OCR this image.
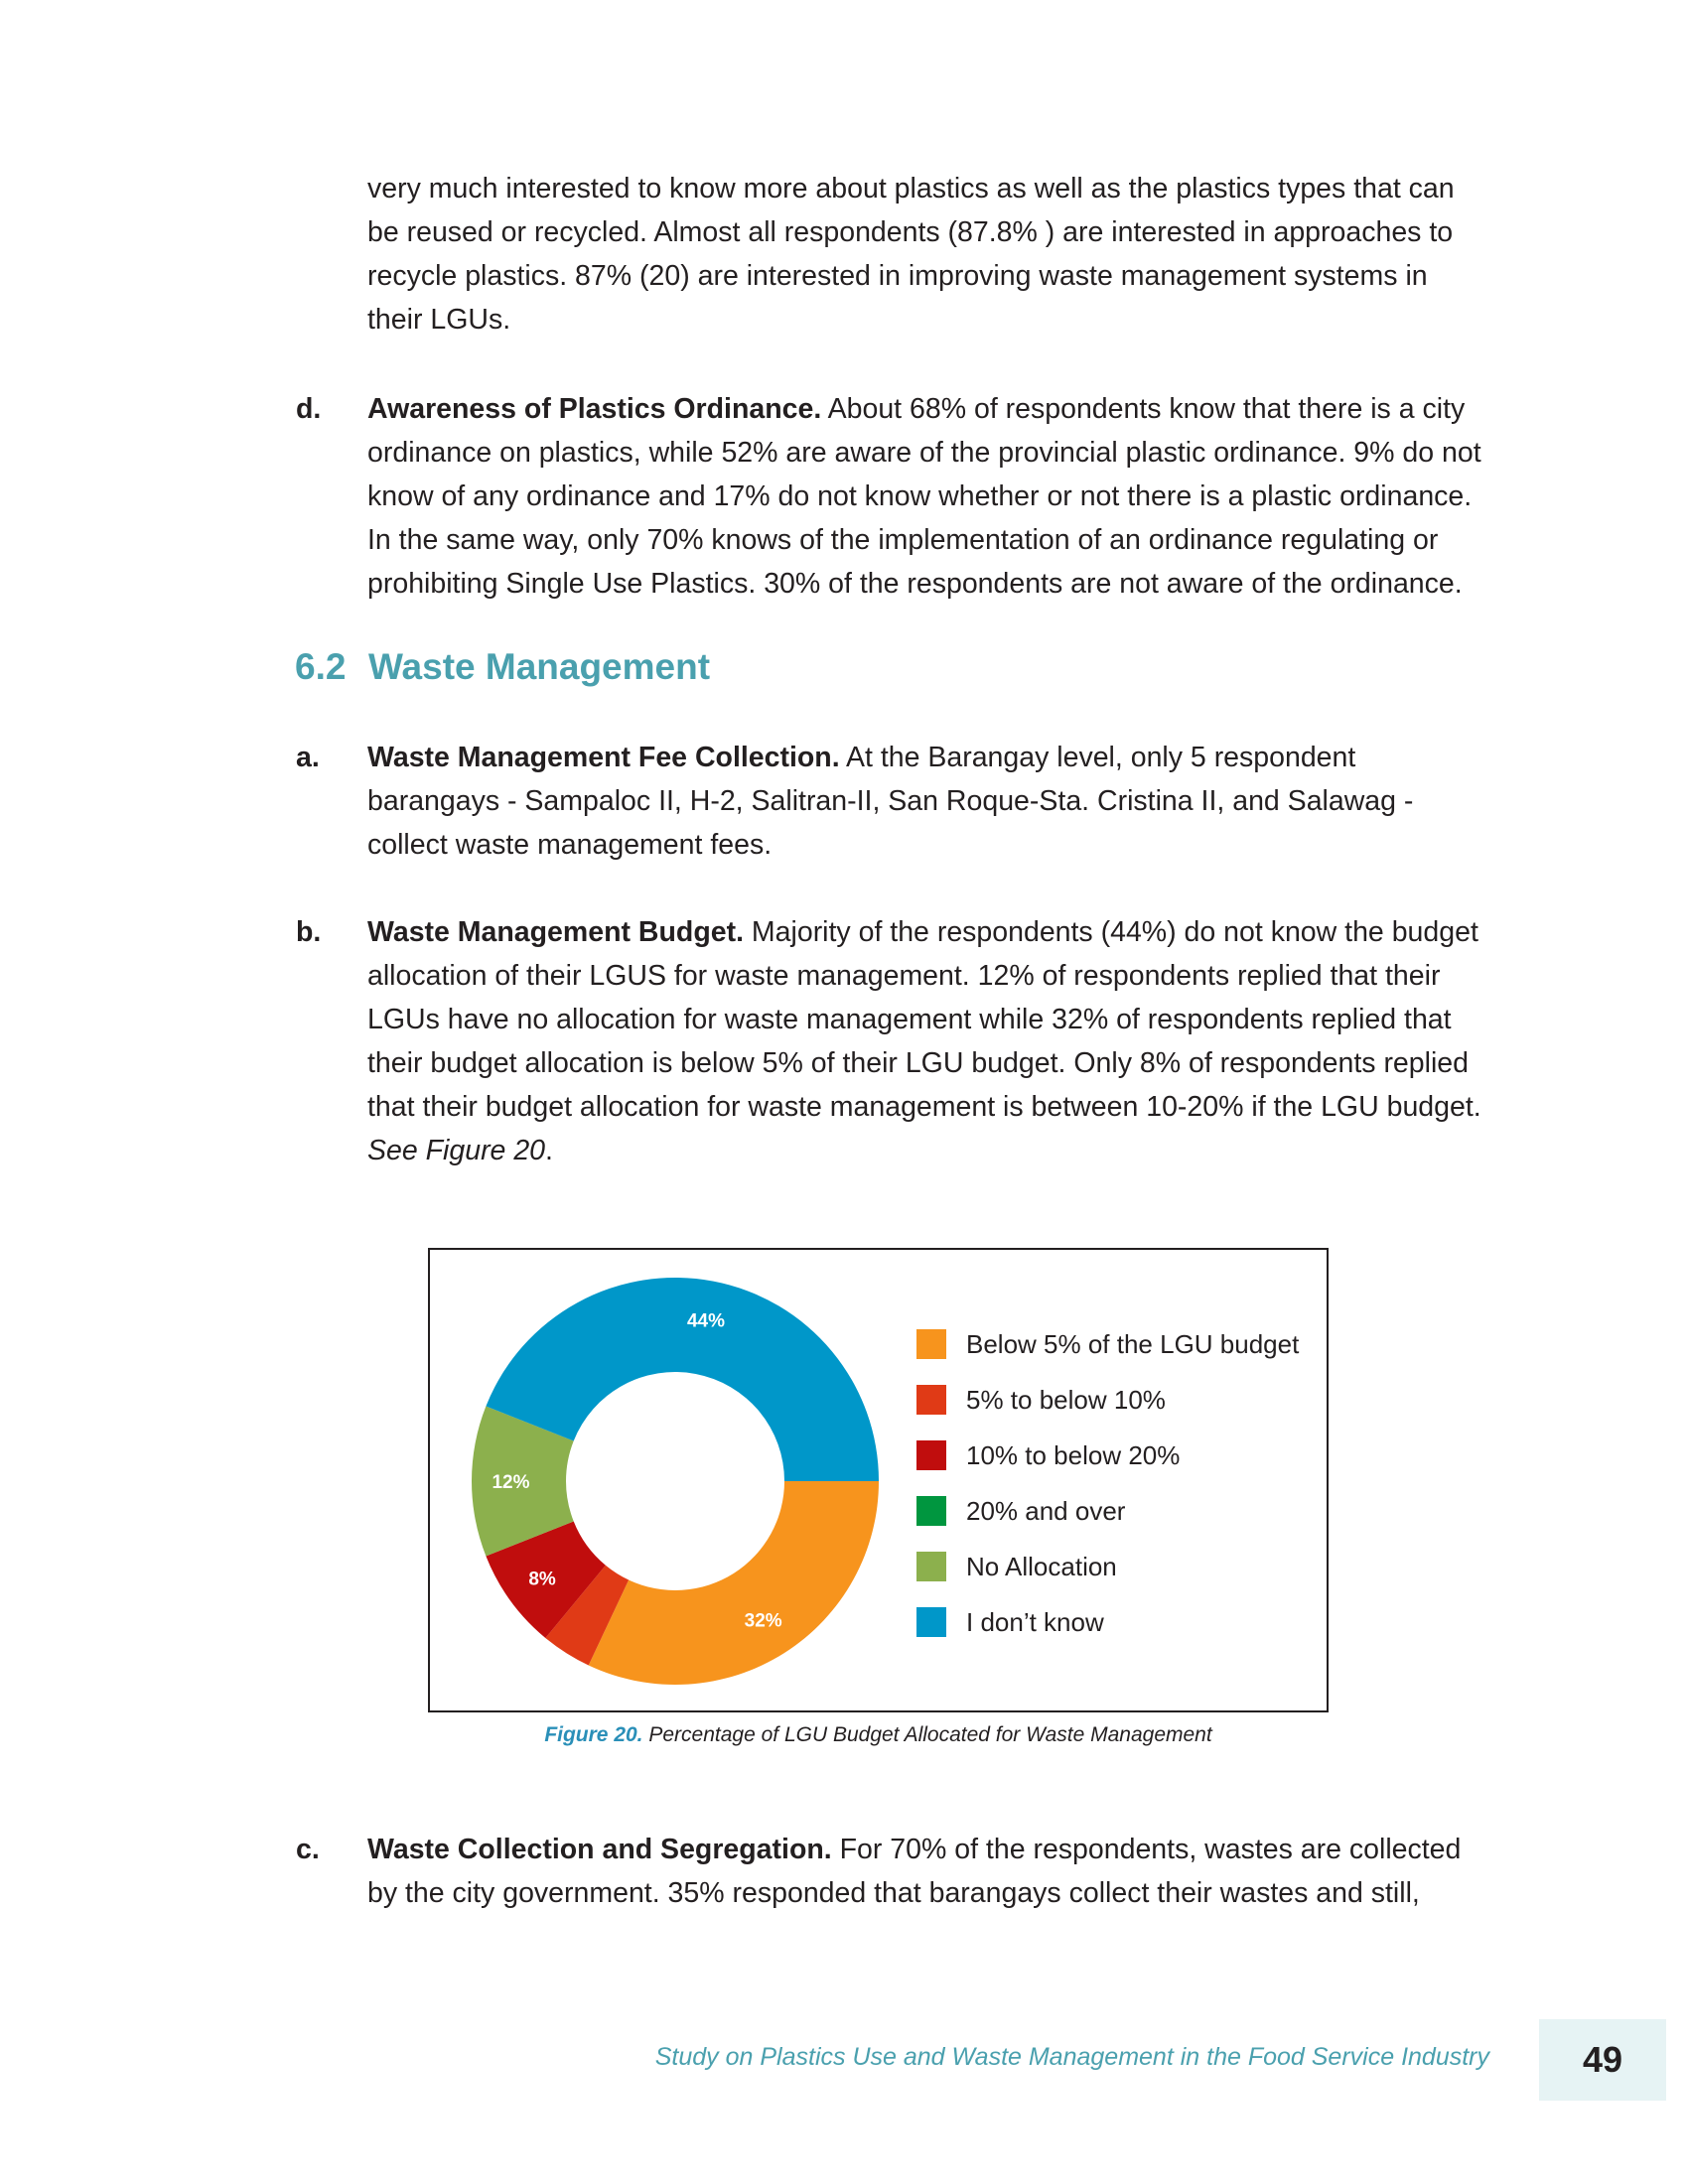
very much interested to know more about plastics as well as the plastics types that can be reused or recycled. Almost all respondents (87.8% ) are interested in approaches to recycle plastics. 87% (20) are interested in improving waste management systems in their LGUs.

d. Awareness of Plastics Ordinance. About 68% of respondents know that there is a city ordinance on plastics, while 52% are aware of the provincial plastic ordinance. 9% do not know of any ordinance and 17% do not know whether or not there is a plastic ordinance. In the same way, only 70% knows of the implementation of an ordinance regulating or prohibiting Single Use Plastics. 30% of the respondents are not aware of the ordinance.
6.2 Waste Management
a. Waste Management Fee Collection. At the Barangay level, only 5 respondent barangays - Sampaloc II, H-2, Salitran-II, San Roque-Sta. Cristina II, and Salawag - collect waste management fees.
b. Waste Management Budget. Majority of the respondents (44%) do not know the budget allocation of their LGUS for waste management. 12% of respondents replied that their LGUs have no allocation for waste management while 32% of respondents replied that their budget allocation is below 5% of their LGU budget. Only 8% of respondents replied that their budget allocation for waste management is between 10-20% if the LGU budget. See Figure 20.
32%
8%
12%
44%
Below 5% of the LGU budget
5% to below 10%
10% to below 20%
20% and over
No Allocation
I don’t know
Figure 20. Percentage of LGU Budget Allocated for Waste Management
c. Waste Collection and Segregation. For 70% of the respondents, wastes are collected by the city government. 35% responded that barangays collect their wastes and still,
Study on Plastics Use and Waste Management in the Food Service Industry	49
